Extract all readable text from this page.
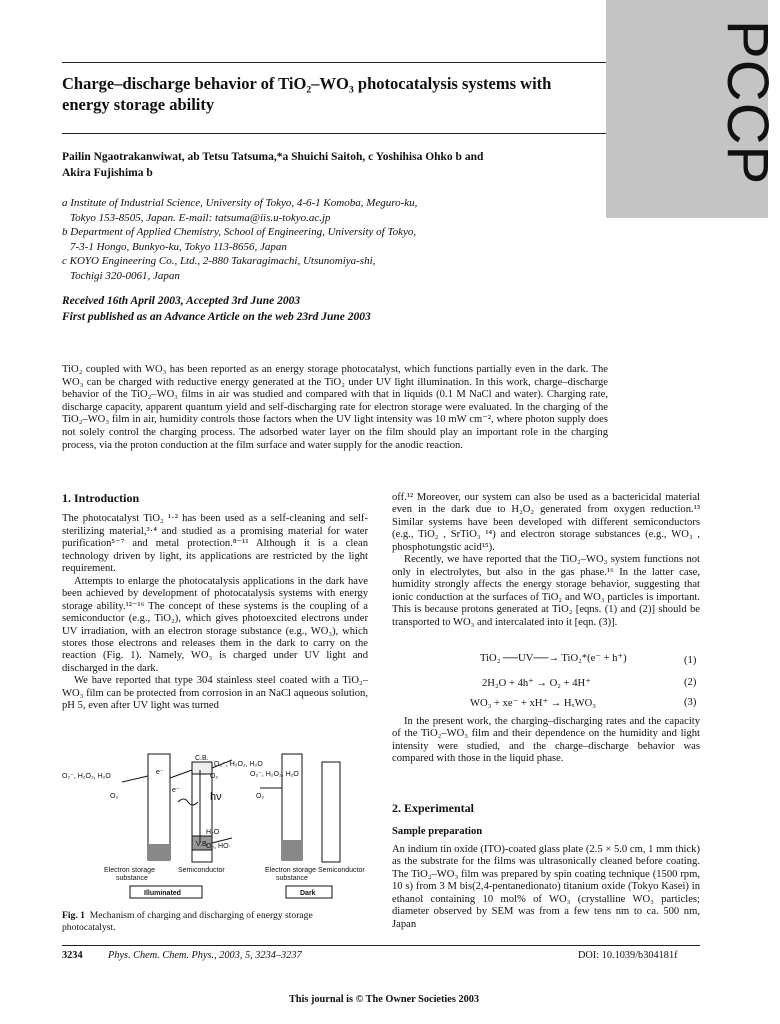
PCCP
Charge–discharge behavior of TiO₂–WO₃ photocatalysis systems with energy storage ability
Pailin Ngaotrakanwiwat, ab Tetsu Tatsuma,*a Shuichi Saitoh, c Yoshihisa Ohko b and
Akira Fujishima b
a Institute of Industrial Science, University of Tokyo, 4-6-1 Komoba, Meguro-ku,
Tokyo 153-8505, Japan. E-mail: tatsuma@iis.u-tokyo.ac.jp
b Department of Applied Chemistry, School of Engineering, University of Tokyo,
7-3-1 Hongo, Bunkyo-ku, Tokyo 113-8656, Japan
c KOYO Engineering Co., Ltd., 2-880 Takaragimachi, Utsunomiya-shi,
Tochigi 320-0061, Japan
Received 16th April 2003, Accepted 3rd June 2003
First published as an Advance Article on the web 23rd June 2003
TiO₂ coupled with WO₃ has been reported as an energy storage photocatalyst, which functions partially even in the dark. The WO₃ can be charged with reductive energy generated at the TiO₂ under UV light illumination. In this work, charge–discharge behavior of the TiO₂–WO₃ films in air was studied and compared with that in liquids (0.1 M NaCl and water). Charging rate, discharge capacity, apparent quantum yield and self-discharging rate for electron storage were evaluated. In the charging of the TiO₂–WO₃ film in air, humidity controls those factors when the UV light intensity was 10 mW cm⁻², where photon supply does not solely control the charging process. The adsorbed water layer on the film should play an important role in the charging process, via the proton conduction at the film surface and water supply for the anodic reaction.
1. Introduction

The photocatalyst TiO₂ ¹·² has been used as a self-cleaning and self-sterilizing material,³·⁴ and studied as a promising material for water purification⁵⁻⁷ and metal protection.⁸⁻¹¹ Although it is a clean technology driven by light, its applications are restricted by the light requirement.

Attempts to enlarge the photocatalysis applications in the dark have been achieved by development of photocatalysis systems with energy storage ability.¹²⁻¹⁶ The concept of these systems is the coupling of a semiconductor (e.g., TiO₂), which gives photoexcited electrons under UV irradiation, with an electron storage substance (e.g., WO₃), which stores those electrons and releases them in the dark to carry on the reaction (Fig. 1). Namely, WO₃ is charged under UV light and discharged in the dark.

We have reported that type 304 stainless steel coated with a TiO₂–WO₃ film can be protected from corrosion in an NaCl aqueous solution, pH 5, even after UV light was turned

O₂⁻, H₂O₂, H₂O
O₂
e⁻
e⁻
C.B.
V.B.
O₂⁻, H₂O₂, H₂O
O₂
hν
H₂O
O₂, HO·
Electron storage
substance
Semiconductor
Illuminated
O₂⁻, H₂O₂, H₂O
O₂
Electron storage
substance
Semiconductor
Dark
Fig. 1 Mechanism of charging and discharging of energy storage photocatalyst.

off.¹² Moreover, our system can also be used as a bactericidal material even in the dark due to H₂O₂ generated from oxygen reduction.¹³ Similar systems have been developed with different semiconductors (e.g., TiO₂ , SrTiO₃ ¹⁴) and electron storage substances (e.g., WO₃ , phosphotungstic acid¹⁵).

Recently, we have reported that the TiO₂–WO₃ system functions not only in electrolytes, but also in the gas phase.¹⁶ In the latter case, humidity strongly affects the energy storage behavior, suggesting that ionic conduction at the surfaces of TiO₂ and WO₃ particles is important. This is because protons generated at TiO₂ [eqns. (1) and (2)] should be transported to WO₃ and intercalated into it [eqn. (3)].

TiO₂ ──UV──→ TiO₂*(e⁻ + h⁺)	(1)
2H₂O + 4h⁺ → O₂ + 4H⁺	(2)
WO₃ + xe⁻ + xH⁺ → HₓWO₃	(3)

In the present work, the charging–discharging rates and the capacity of the TiO₂–WO₃ film and their dependence on the humidity and light intensity were studied, and the charge–discharge behavior was compared with those in the liquid phase.

2. Experimental
Sample preparation

An indium tin oxide (ITO)-coated glass plate (2.5 × 5.0 cm, 1 mm thick) as the substrate for the films was ultrasonically cleaned before coating. The TiO₂–WO₃ film was prepared by spin coating technique (1500 rpm, 10 s) from 3 M bis(2,4-pentanedionato) titanium oxide (Tokyo Kasei) in ethanol containing 10 mol% of WO₃ (crystalline WO₃ particles; diameter observed by SEM was from a few tens nm to ca. 500 nm, Japan

3234 Phys. Chem. Chem. Phys., 2003, 5, 3234–3237	DOI: 10.1039/b304181f
This journal is © The Owner Societies 2003
